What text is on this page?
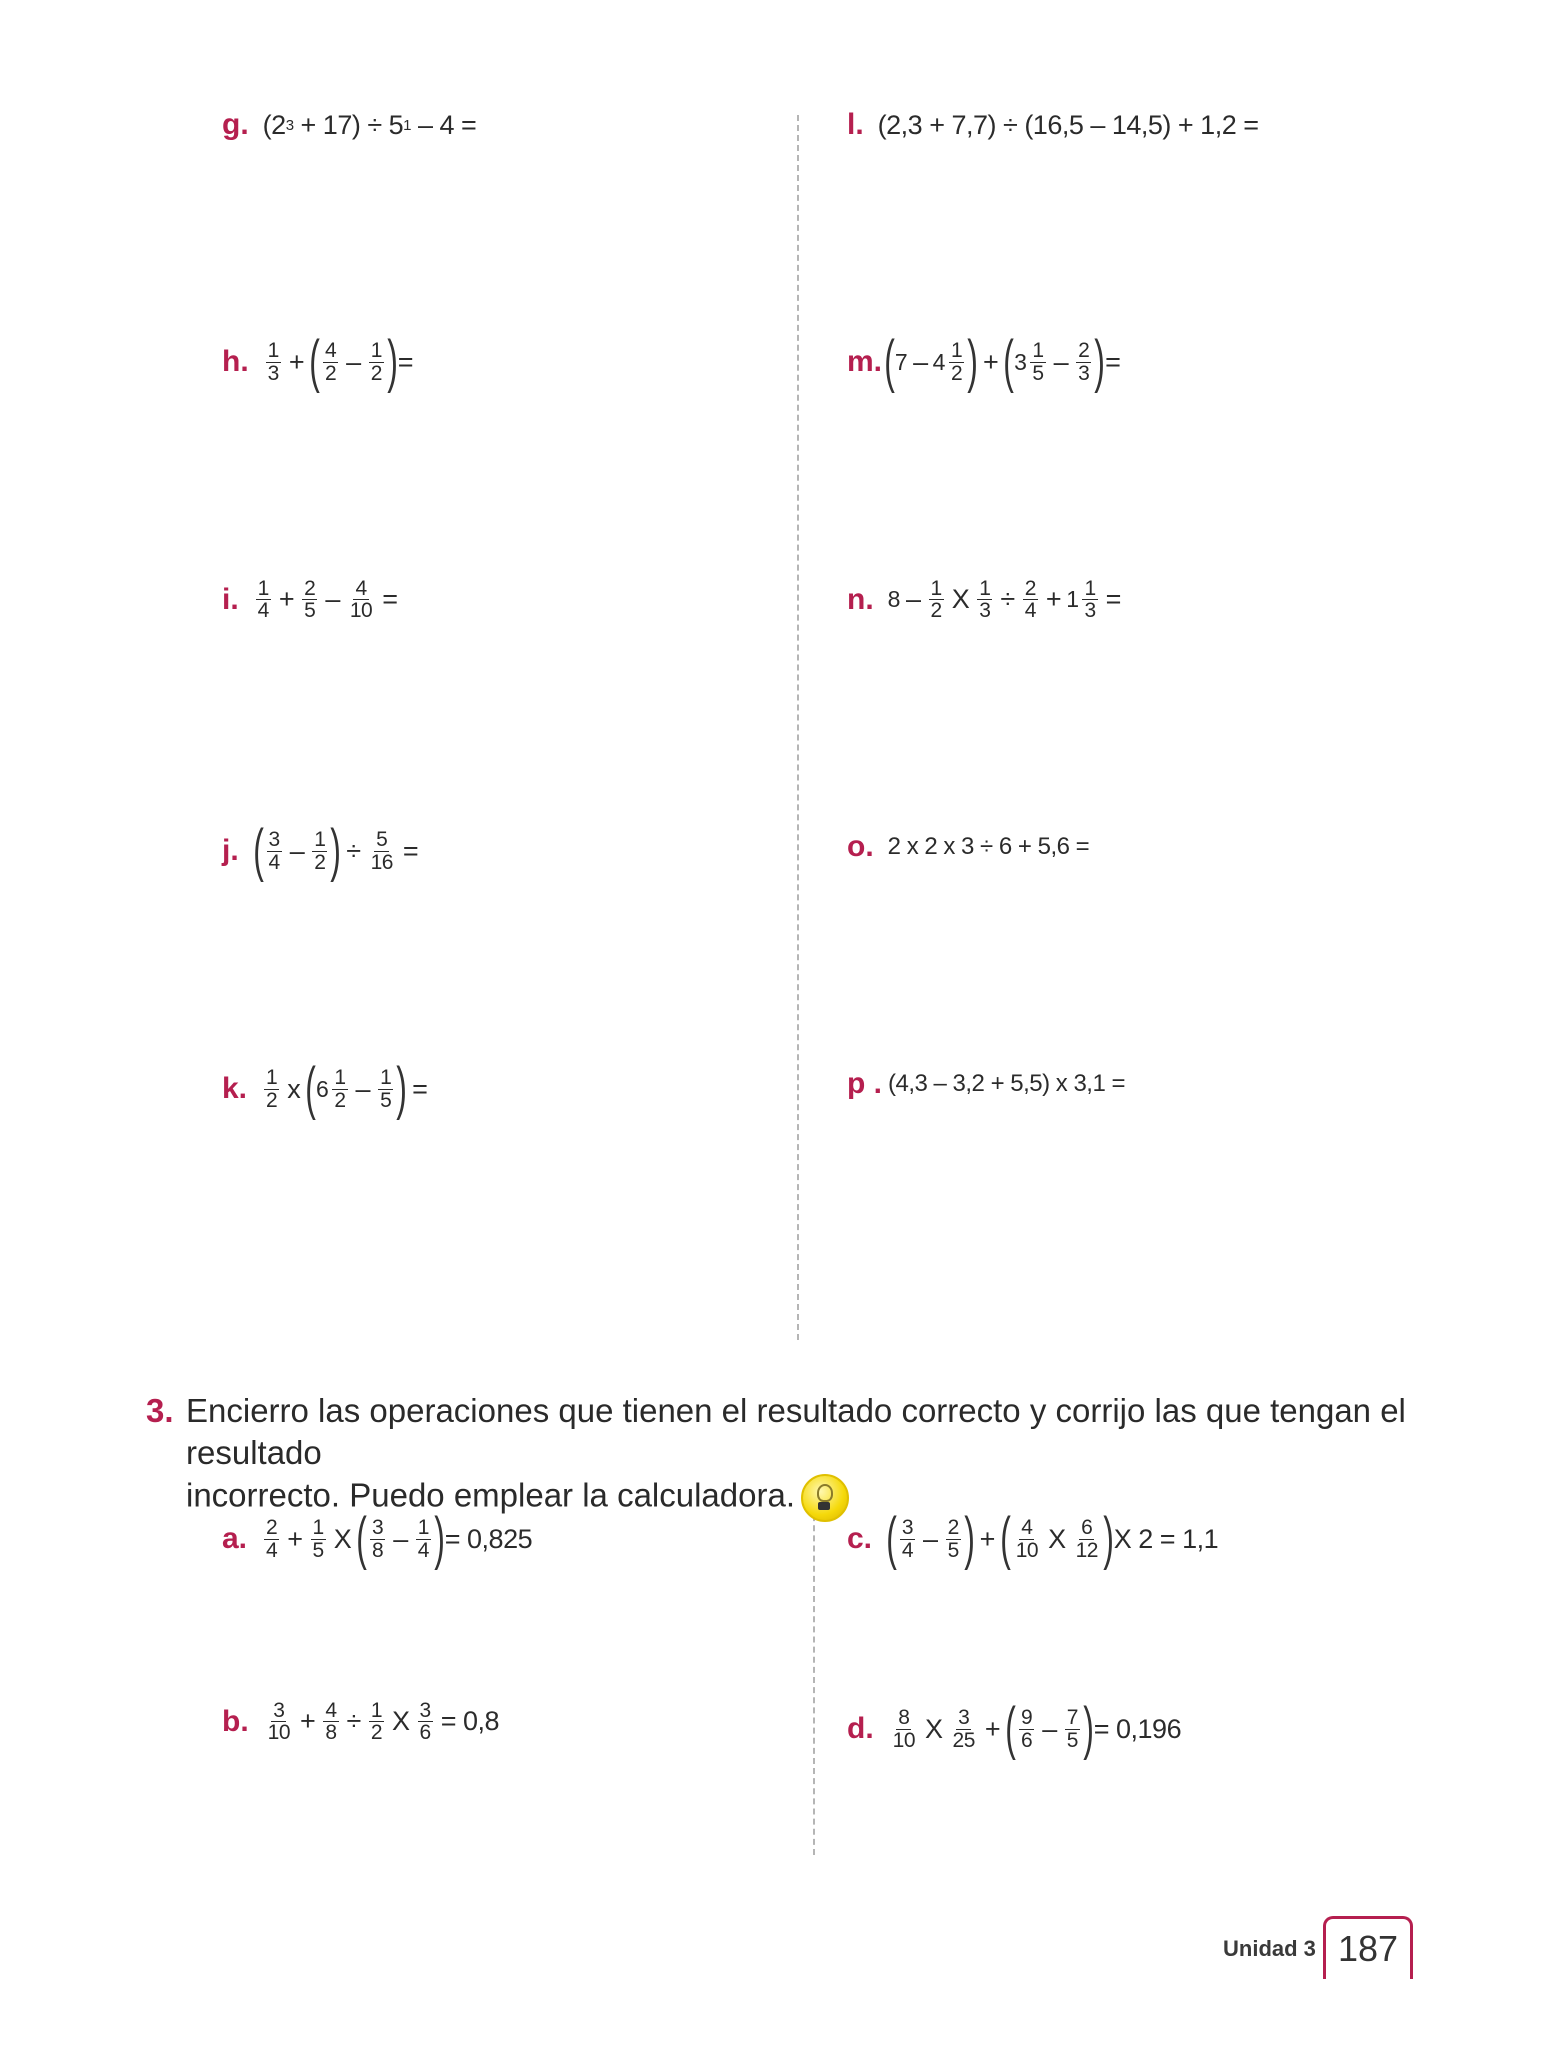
g. (2 3 + 17) ÷ 5 1 – 4 =
h. $\frac{1}{3}$ + ( $\frac{4}{2} - \frac{1}{2}$ ) =
i. $\frac{1}{4} + \frac{2}{5} - \frac{4}{10}$ =
j. ( $\frac{3}{4} - \frac{1}{2}$ ) ÷ $\frac{5}{16}$ =
k. $\frac{1}{2}$ x ( $6 \frac{1}{2} - \frac{1}{5}$ ) =
l. (2,3 + 7,7) ÷ (16,5 – 14,5) + 1,2 =
m. ( $7 - 4 \frac{1}{2}$ ) + ( $3 \frac{1}{5} - \frac{2}{3}$ ) =
n. $8 - \frac{1}{2}$ X $\frac{1}{3} \div \frac{2}{4} + 1 \frac{1}{3}$ =
o. 2 x 2 x 3 ÷ 6 + 5,6 =
p . (4,3 – 3,2 + 5,5) x 3,1 =
3. Encierro las operaciones que tienen el resultado correcto y corrijo las que tengan el resultado
incorrecto. Puedo emplear la calculadora.
a. $\frac{2}{4} + \frac{1}{5}$ X ( $\frac{3}{8} - \frac{1}{4}$ ) = 0,825
b. $\frac{3}{10} + \frac{4}{8} \div \frac{1}{2}$ X $\frac{3}{6} = 0,8$
c. ( $\frac{3}{4} - \frac{2}{5}$ ) + ( $\frac{4}{10}$ X $\frac{6}{12}$ ) X 2 = 1,1
d. $\frac{8}{10}$ X $\frac{3}{25}$ + ( $\frac{9}{6} - \frac{7}{5}$ ) = 0,196
Unidad 3 187
